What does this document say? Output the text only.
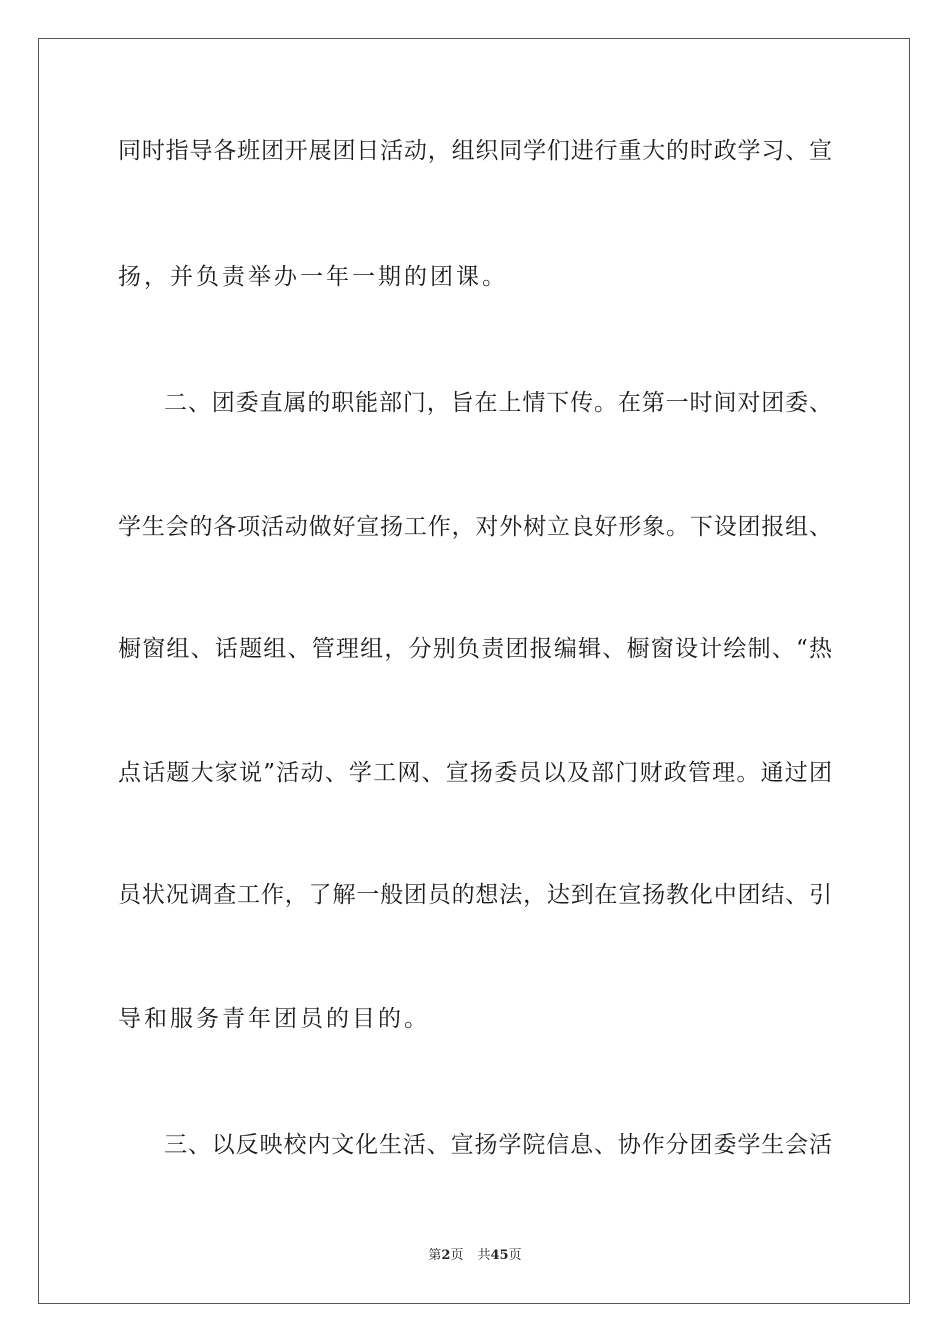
同时指导各班团开展团日活动，组织同学们进行重大的时政学习、宣
扬，并负责举办一年一期的团课。
二、团委直属的职能部门，旨在上情下传。在第一时间对团委、
学生会的各项活动做好宣扬工作，对外树立良好形象。下设团报组、
橱窗组、话题组、管理组，分别负责团报编辑、橱窗设计绘制、“热
点话题大家说”活动、学工网、宣扬委员以及部门财政管理。通过团
员状况调查工作，了解一般团员的想法，达到在宣扬教化中团结、引
导和服务青年团员的目的。
三、以反映校内文化生活、宣扬学院信息、协作分团委学生会活
第2页 共45页
